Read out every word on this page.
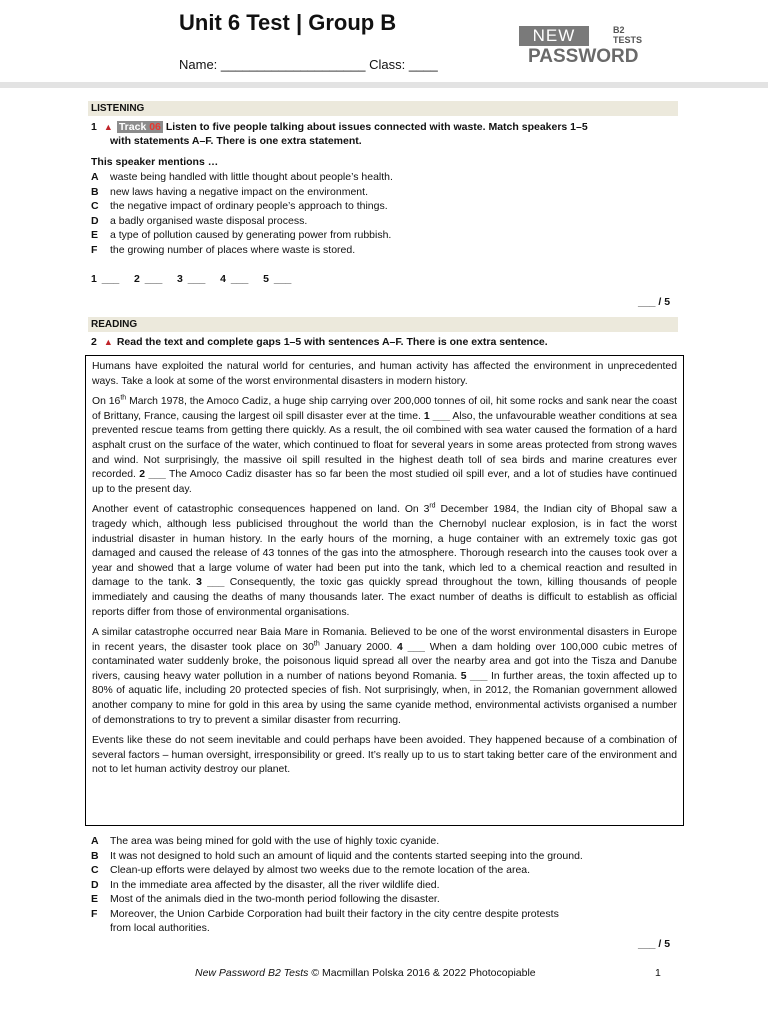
Unit 6 Test | Group B
Name: ____________________ Class: ____
NEW	B2
TESTS
PASSWORD
LISTENING
1 ▲ Track 06 Listen to five people talking about issues connected with waste. Match speakers 1–5
with statements A–F. There is one extra statement.
This speaker mentions …
A	waste being handled with little thought about people’s health.
B	new laws having a negative impact on the environment.
C	the negative impact of ordinary people’s approach to things.
D	a badly organised waste disposal process.
E	a type of pollution caused by generating power from rubbish.
F	the growing number of places where waste is stored.
1 ___   2 ___   3 ___   4 ___   5 ___
___ / 5
READING
2 ▲ Read the text and complete gaps 1–5 with sentences A–F. There is one extra sentence.

Humans have exploited the natural world for centuries, and human activity has affected the environment in unprecedented ways. Take a look at some of the worst environmental disasters in modern history.

On 16th March 1978, the Amoco Cadiz, a huge ship carrying over 200,000 tonnes of oil, hit some rocks and sank near the coast of Brittany, France, causing the largest oil spill disaster ever at the time. 1 ___ Also, the unfavourable weather conditions at sea prevented rescue teams from getting there quickly. As a result, the oil combined with sea water caused the formation of a hard asphalt crust on the surface of the water, which continued to float for several years in some areas protected from strong waves and wind. Not surprisingly, the massive oil spill resulted in the highest death toll of sea birds and marine creatures ever recorded. 2 ___ The Amoco Cadiz disaster has so far been the most studied oil spill ever, and a lot of studies have continued up to the present day.

Another event of catastrophic consequences happened on land. On 3rd December 1984, the Indian city of Bhopal saw a tragedy which, although less publicised throughout the world than the Chernobyl nuclear explosion, is in fact the worst industrial disaster in human history. In the early hours of the morning, a huge container with an extremely toxic gas got damaged and caused the release of 43 tonnes of the gas into the atmosphere. Thorough research into the causes took over a year and showed that a large volume of water had been put into the tank, which led to a chemical reaction and resulted in damage to the tank. 3 ___ Consequently, the toxic gas quickly spread throughout the town, killing thousands of people immediately and causing the deaths of many thousands later. The exact number of deaths is difficult to establish as official reports differ from those of environmental organisations.

A similar catastrophe occurred near Baia Mare in Romania. Believed to be one of the worst environmental disasters in Europe in recent years, the disaster took place on 30th January 2000. 4 ___ When a dam holding over 100,000 cubic metres of contaminated water suddenly broke, the poisonous liquid spread all over the nearby area and got into the Tisza and Danube rivers, causing heavy water pollution in a number of nations beyond Romania. 5 ___ In further areas, the toxin affected up to 80% of aquatic life, including 20 protected species of fish. Not surprisingly, when, in 2012, the Romanian government allowed another company to mine for gold in this area by using the same cyanide method, environmental activists organised a number of demonstrations to try to prevent a similar disaster from recurring.

Events like these do not seem inevitable and could perhaps have been avoided. They happened because of a combination of several factors – human oversight, irresponsibility or greed. It’s really up to us to start taking better care of the environment and not to let human activity destroy our planet.

A	The area was being mined for gold with the use of highly toxic cyanide.
B	It was not designed to hold such an amount of liquid and the contents started seeping into the ground.
C	Clean-up efforts were delayed by almost two weeks due to the remote location of the area.
D	In the immediate area affected by the disaster, all the river wildlife died.
E	Most of the animals died in the two-month period following the disaster.
F	Moreover, the Union Carbide Corporation had built their factory in the city centre despite protests
from local authorities.
___ / 5
New Password B2 Tests © Macmillan Polska 2016 & 2022 Photocopiable	1
